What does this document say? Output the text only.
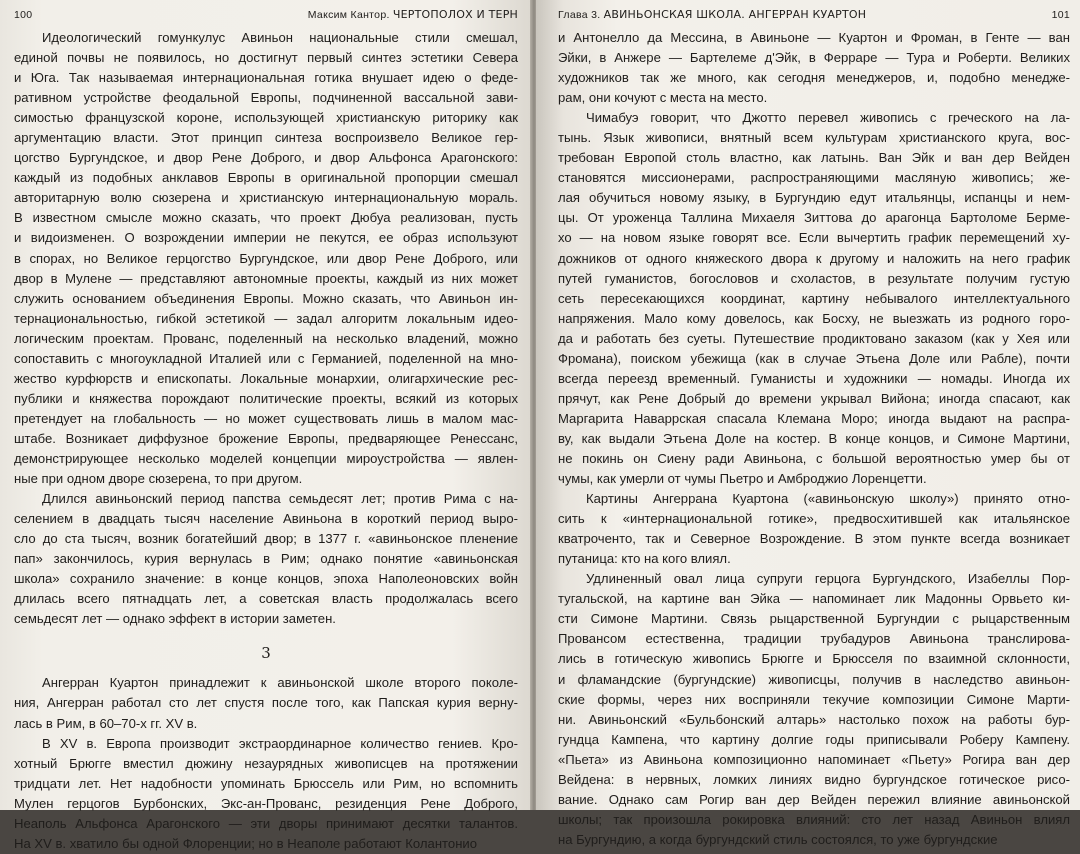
100	Максим Кантор. ЧЕРТОПОЛОХ И ТЕРН

Идеологический гомункулус Авиньон национальные стили смешал,
единой почвы не появилось, но достигнут первый синтез эстетики Севера
и Юга. Так называемая интернациональная готика внушает идею о феде-
ративном устройстве феодальной Европы, подчиненной вассальной зави-
симостью французской короне, использующей христианскую риторику как
аргументацию власти. Этот принцип синтеза воспроизвело Великое гер-
цогство Бургундское, и двор Рене Доброго, и двор Альфонса Арагонского:
каждый из подобных анклавов Европы в оригинальной пропорции смешал
авторитарную волю сюзерена и христианскую интернациональную мораль.
В известном смысле можно сказать, что проект Дюбуа реализован, пусть
и видоизменен. О возрождении империи не пекутся, ее образ используют
в спорах, но Великое герцогство Бургундское, или двор Рене Доброго, или
двор в Мулене — представляют автономные проекты, каждый из них может
служить основанием объединения Европы. Можно сказать, что Авиньон ин-
тернациональностью, гибкой эстетикой — задал алгоритм локальным идео-
логическим проектам. Прованс, поделенный на несколько владений, можно
сопоставить с многоукладной Италией или с Германией, поделенной на мно-
жество курфюрств и епископаты. Локальные монархии, олигархические рес-
публики и княжества порождают политические проекты, всякий из которых
претендует на глобальность — но может существовать лишь в малом мас-
штабе. Возникает диффузное брожение Европы, предваряющее Ренессанс,
демонстрирующее несколько моделей концепции мироустройства — явлен-
ные при одном дворе сюзерена, то при другом.

Длился авиньонский период папства семьдесят лет; против Рима с на-
селением в двадцать тысяч население Авиньона в короткий период выро-
сло до ста тысяч, возник богатейший двор; в 1377 г. «авиньонское пленение
пап» закончилось, курия вернулась в Рим; однако понятие «авиньонская
школа» сохранило значение: в конце концов, эпоха Наполеоновских войн
длилась всего пятнадцать лет, а советская власть продолжалась всего
семьдесят лет — однако эффект в истории заметен.

3

Ангерран Куартон принадлежит к авиньонской школе второго поколе-
ния, Ангерран работал сто лет спустя после того, как Папская курия верну-
лась в Рим, в 60–70-х гг. XV в.

В XV в. Европа производит экстраординарное количество гениев. Кро-
хотный Брюгге вместил дюжину незаурядных живописцев на протяжении
тридцати лет. Нет надобности упоминать Брюссель или Рим, но вспомнить
Мулен герцогов Бурбонских, Экс-ан-Прованс, резиденция Рене Доброго,
Неаполь Альфонса Арагонского — эти дворы принимают десятки талантов.
На XV в. хватило бы одной Флоренции; но в Неаполе работают Колантонио

Глава 3. АВИНЬОНСКАЯ ШКОЛА. АНГЕРРАН КУАРТОН	101

и Антонелло да Мессина, в Авиньоне — Куартон и Фроман, в Генте — ван
Эйки, в Анжере — Бартелеме д'Эйк, в Ферраре — Тура и Роберти. Великих
художников так же много, как сегодня менеджеров, и, подобно менедже-
рам, они кочуют с места на место.

Чимабуэ говорит, что Джотто перевел живопись с греческого на ла-
тынь. Язык живописи, внятный всем культурам христианского круга, вос-
требован Европой столь властно, как латынь. Ван Эйк и ван дер Вейден
становятся миссионерами, распространяющими масляную живопись; же-
лая обучиться новому языку, в Бургундию едут итальянцы, испанцы и нем-
цы. От уроженца Таллина Михаеля Зиттова до арагонца Бартоломе Бермe-
хо — на новом языке говорят все. Если вычертить график перемещений ху-
дожников от одного княжеского двора к другому и наложить на него график
путей гуманистов, богословов и схоластов, в результате получим густую
сеть пересекающихся координат, картину небывалого интеллектуального
напряжения. Мало кому довелось, как Босху, не выезжать из родного горо-
да и работать без суеты. Путешествие продиктовано заказом (как у Хея или
Фромана), поиском убежища (как в случае Этьена Доле или Рабле), почти
всегда переезд временный. Гуманисты и художники — номады. Иногда их
прячут, как Рене Добрый до времени укрывал Вийона; иногда спасают, как
Маргарита Наваррская спасала Клемана Моро; иногда выдают на распра-
ву, как выдали Этьена Доле на костер. В конце концов, и Симоне Мартини,
не покинь он Сиену ради Авиньона, с большой вероятностью умер бы от
чумы, как умерли от чумы Пьетро и Амброджио Лоренцетти.

Картины Ангеррана Куартона («авиньонскую школу») принято отно-
сить к «интернациональной готике», предвосхитившей как итальянское
кватроченто, так и Северное Возрождение. В этом пункте всегда возникает
путаница: кто на кого влиял.

Удлиненный овал лица супруги герцога Бургундского, Изабеллы Пор-
тугальской, на картине ван Эйка — напоминает лик Мадонны Орвьето ки-
сти Симоне Мартини. Связь рыцарственной Бургундии с рыцарственным
Провансом естественна, традиции трубадуров Авиньона транслирова-
лись в готическую живопись Брюгге и Брюсселя по взаимной склонности,
и фламандские (бургундские) живописцы, получив в наследство авиньон-
ские формы, через них восприняли текучие композиции Симоне Марти-
ни. Авиньонский «Бульбонский алтарь» настолько похож на работы бур-
гундца Кампена, что картину долгие годы приписывали Роберу Кампену.
«Пьета» из Авиньона композиционно напоминает «Пьету» Рогира ван дер
Вейдена: в нервных, ломких линиях видно бургундское готическое рисо-
вание. Однако сам Рогир ван дер Вейден пережил влияние авиньонской
школы; так произошла рокировка влияний: сто лет назад Авиньон влиял
на Бургундию, а когда бургундский стиль состоялся, то уже бургундские
